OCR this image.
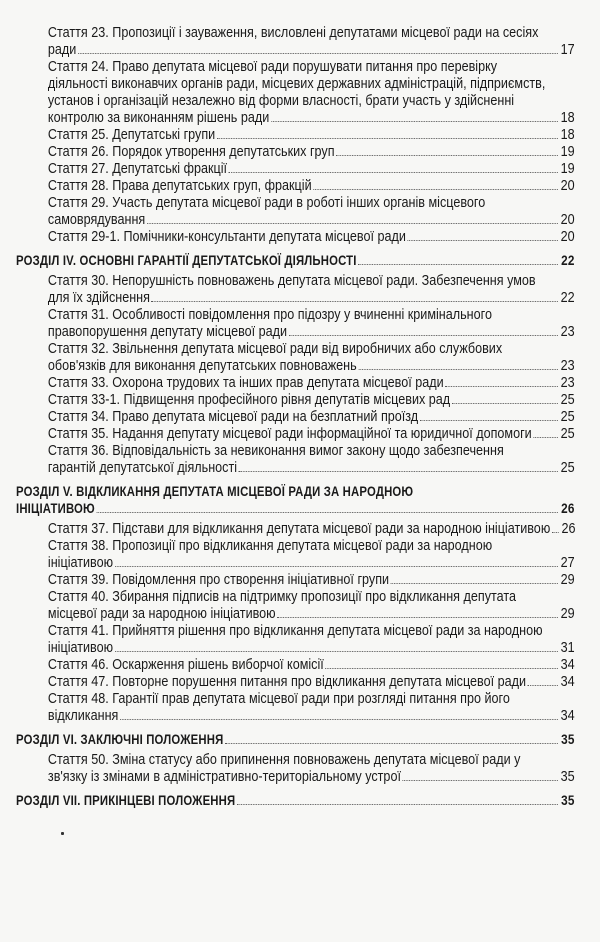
Стаття 23. Пропозиції і зауваження, висловлені депутатами місцевої ради на сесіях
ради	17
Стаття 24. Право депутата місцевої ради порушувати питання про перевірку
діяльності виконавчих органів ради, місцевих державних адміністрацій, підприємств,
установ і організацій незалежно від форми власності, брати участь у здійсненні
контролю за виконанням рішень ради	18
Стаття 25. Депутатські групи	18
Стаття 26. Порядок утворення депутатських груп	19
Стаття 27. Депутатські фракції	19
Стаття 28. Права депутатських груп, фракцій	20
Стаття 29. Участь депутата місцевої ради в роботі інших органів місцевого
самоврядування	20
Стаття 29-1. Помічники-консультанти депутата місцевої ради	20
РОЗДІЛ IV. ОСНОВНІ ГАРАНТІЇ ДЕПУТАТСЬКОЇ ДІЯЛЬНОСТІ	22
Стаття 30. Непорушність повноважень депутата місцевої ради. Забезпечення умов
для їх здійснення	22
Стаття 31. Особливості повідомлення про підозру у вчиненні кримінального
правопорушення депутату місцевої ради	23
Стаття 32. Звільнення депутата місцевої ради від виробничих або службових
обов'язків для виконання депутатських повноважень	23
Стаття 33. Охорона трудових та інших прав депутата місцевої ради	23
Стаття 33-1. Підвищення професійного рівня депутатів місцевих рад	25
Стаття 34. Право депутата місцевої ради на безплатний проїзд	25
Стаття 35. Надання депутату місцевої ради інформаційної та юридичної допомоги 25
Стаття 36. Відповідальність за невиконання вимог закону щодо забезпечення
гарантій депутатської діяльності	25
РОЗДІЛ V. ВІДКЛИКАННЯ ДЕПУТАТА МІСЦЕВОЇ РАДИ ЗА НАРОДНОЮ
ІНІЦІАТИВОЮ	26
Стаття 37. Підстави для відкликання депутата місцевої ради за народною ініціативою 26
Стаття 38. Пропозиції про відкликання депутата місцевої ради за народною
ініціативою	27
Стаття 39. Повідомлення про створення ініціативної групи	29
Стаття 40. Збирання підписів на підтримку пропозиції про відкликання депутата
місцевої ради за народною ініціативою	29
Стаття 41. Прийняття рішення про відкликання депутата місцевої ради за народною
ініціативою	31
Стаття 46. Оскарження рішень виборчої комісії	34
Стаття 47. Повторне порушення питання про відкликання депутата місцевої ради 34
Стаття 48. Гарантії прав депутата місцевої ради при розгляді питання про його
відкликання	34
РОЗДІЛ VI. ЗАКЛЮЧНІ ПОЛОЖЕННЯ	35
Стаття 50. Зміна статусу або припинення повноважень депутата місцевої ради у
зв'язку із змінами в адміністративно-територіальному устрої	35
РОЗДІЛ VII. ПРИКІНЦЕВІ ПОЛОЖЕННЯ	35
